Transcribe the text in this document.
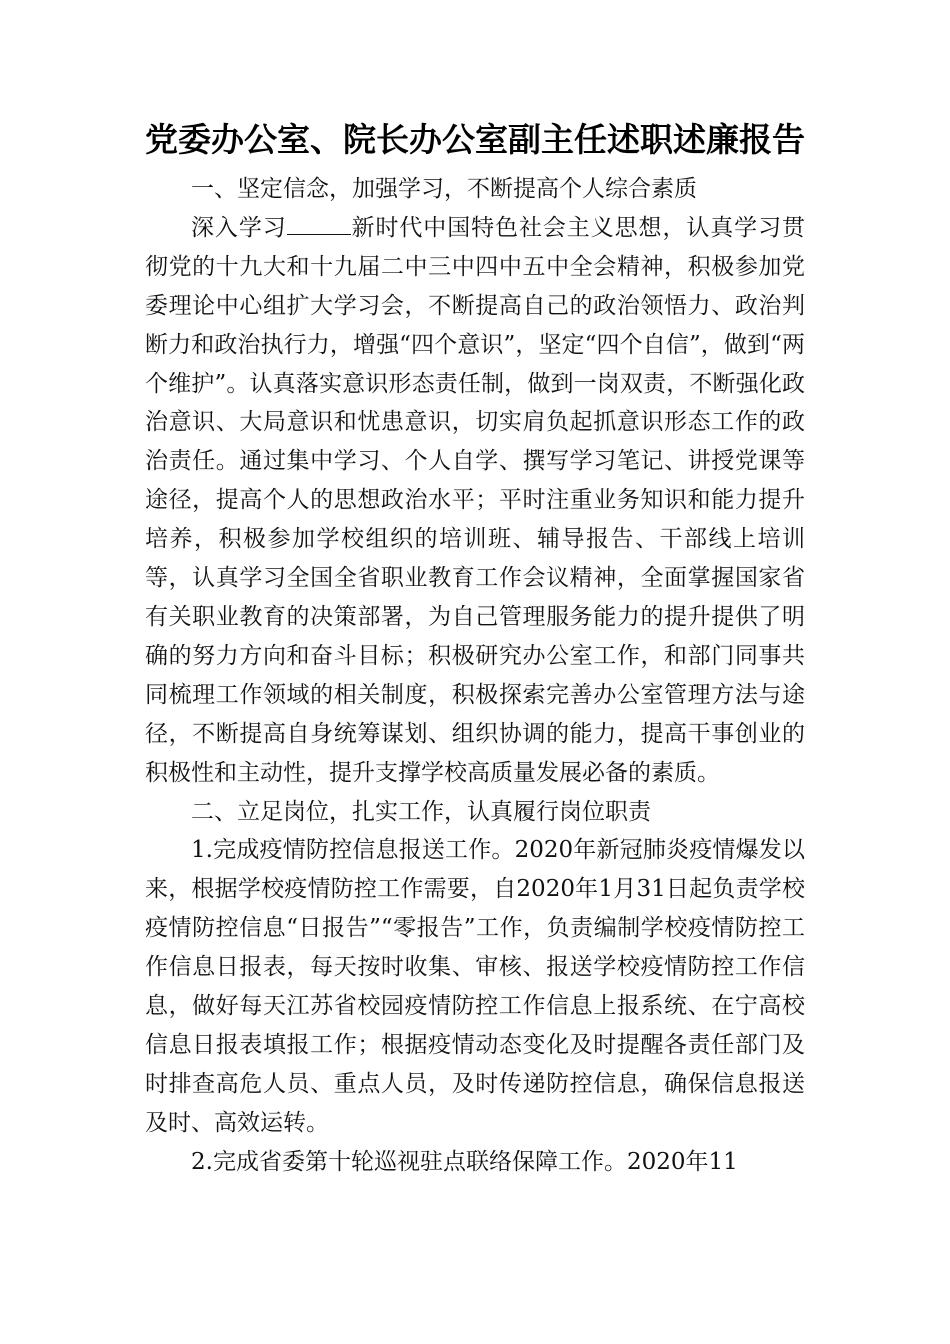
党委办公室、院长办公室副主任述职述廉报告

一、坚定信念，加强学习，不断提高个人综合素质

深入学习	新时代中国特色社会主义思想，认真学习贯彻党的十九大和十九届二中三中四中五中全会精神，积极参加党委理论中心组扩大学习会，不断提高自己的政治领悟力、政治判断力和政治执行力，增强“四个意识”，坚定“四个自信”，做到“两个维护”。认真落实意识形态责任制，做到一岗双责，不断强化政治意识、大局意识和忧患意识，切实肩负起抓意识形态工作的政治责任。通过集中学习、个人自学、撰写学习笔记、讲授党课等途径，提高个人的思想政治水平；平时注重业务知识和能力提升培养，积极参加学校组织的培训班、辅导报告、干部线上培训等，认真学习全国全省职业教育工作会议精神，全面掌握国家省有关职业教育的决策部署，为自己管理服务能力的提升提供了明确的努力方向和奋斗目标；积极研究办公室工作，和部门同事共同梳理工作领域的相关制度，积极探索完善办公室管理方法与途径，不断提高自身统筹谋划、组织协调的能力，提高干事创业的积极性和主动性，提升支撑学校高质量发展必备的素质。

二、立足岗位，扎实工作，认真履行岗位职责

1.完成疫情防控信息报送工作。2020年新冠肺炎疫情爆发以来，根据学校疫情防控工作需要，自2020年1月31日起负责学校疫情防控信息“日报告”“零报告”工作，负责编制学校疫情防控工作信息日报表，每天按时收集、审核、报送学校疫情防控工作信息，做好每天江苏省校园疫情防控工作信息上报系统、在宁高校信息日报表填报工作；根据疫情动态变化及时提醒各责任部门及时排查高危人员、重点人员，及时传递防控信息，确保信息报送及时、高效运转。

2.完成省委第十轮巡视驻点联络保障工作。2020年11
